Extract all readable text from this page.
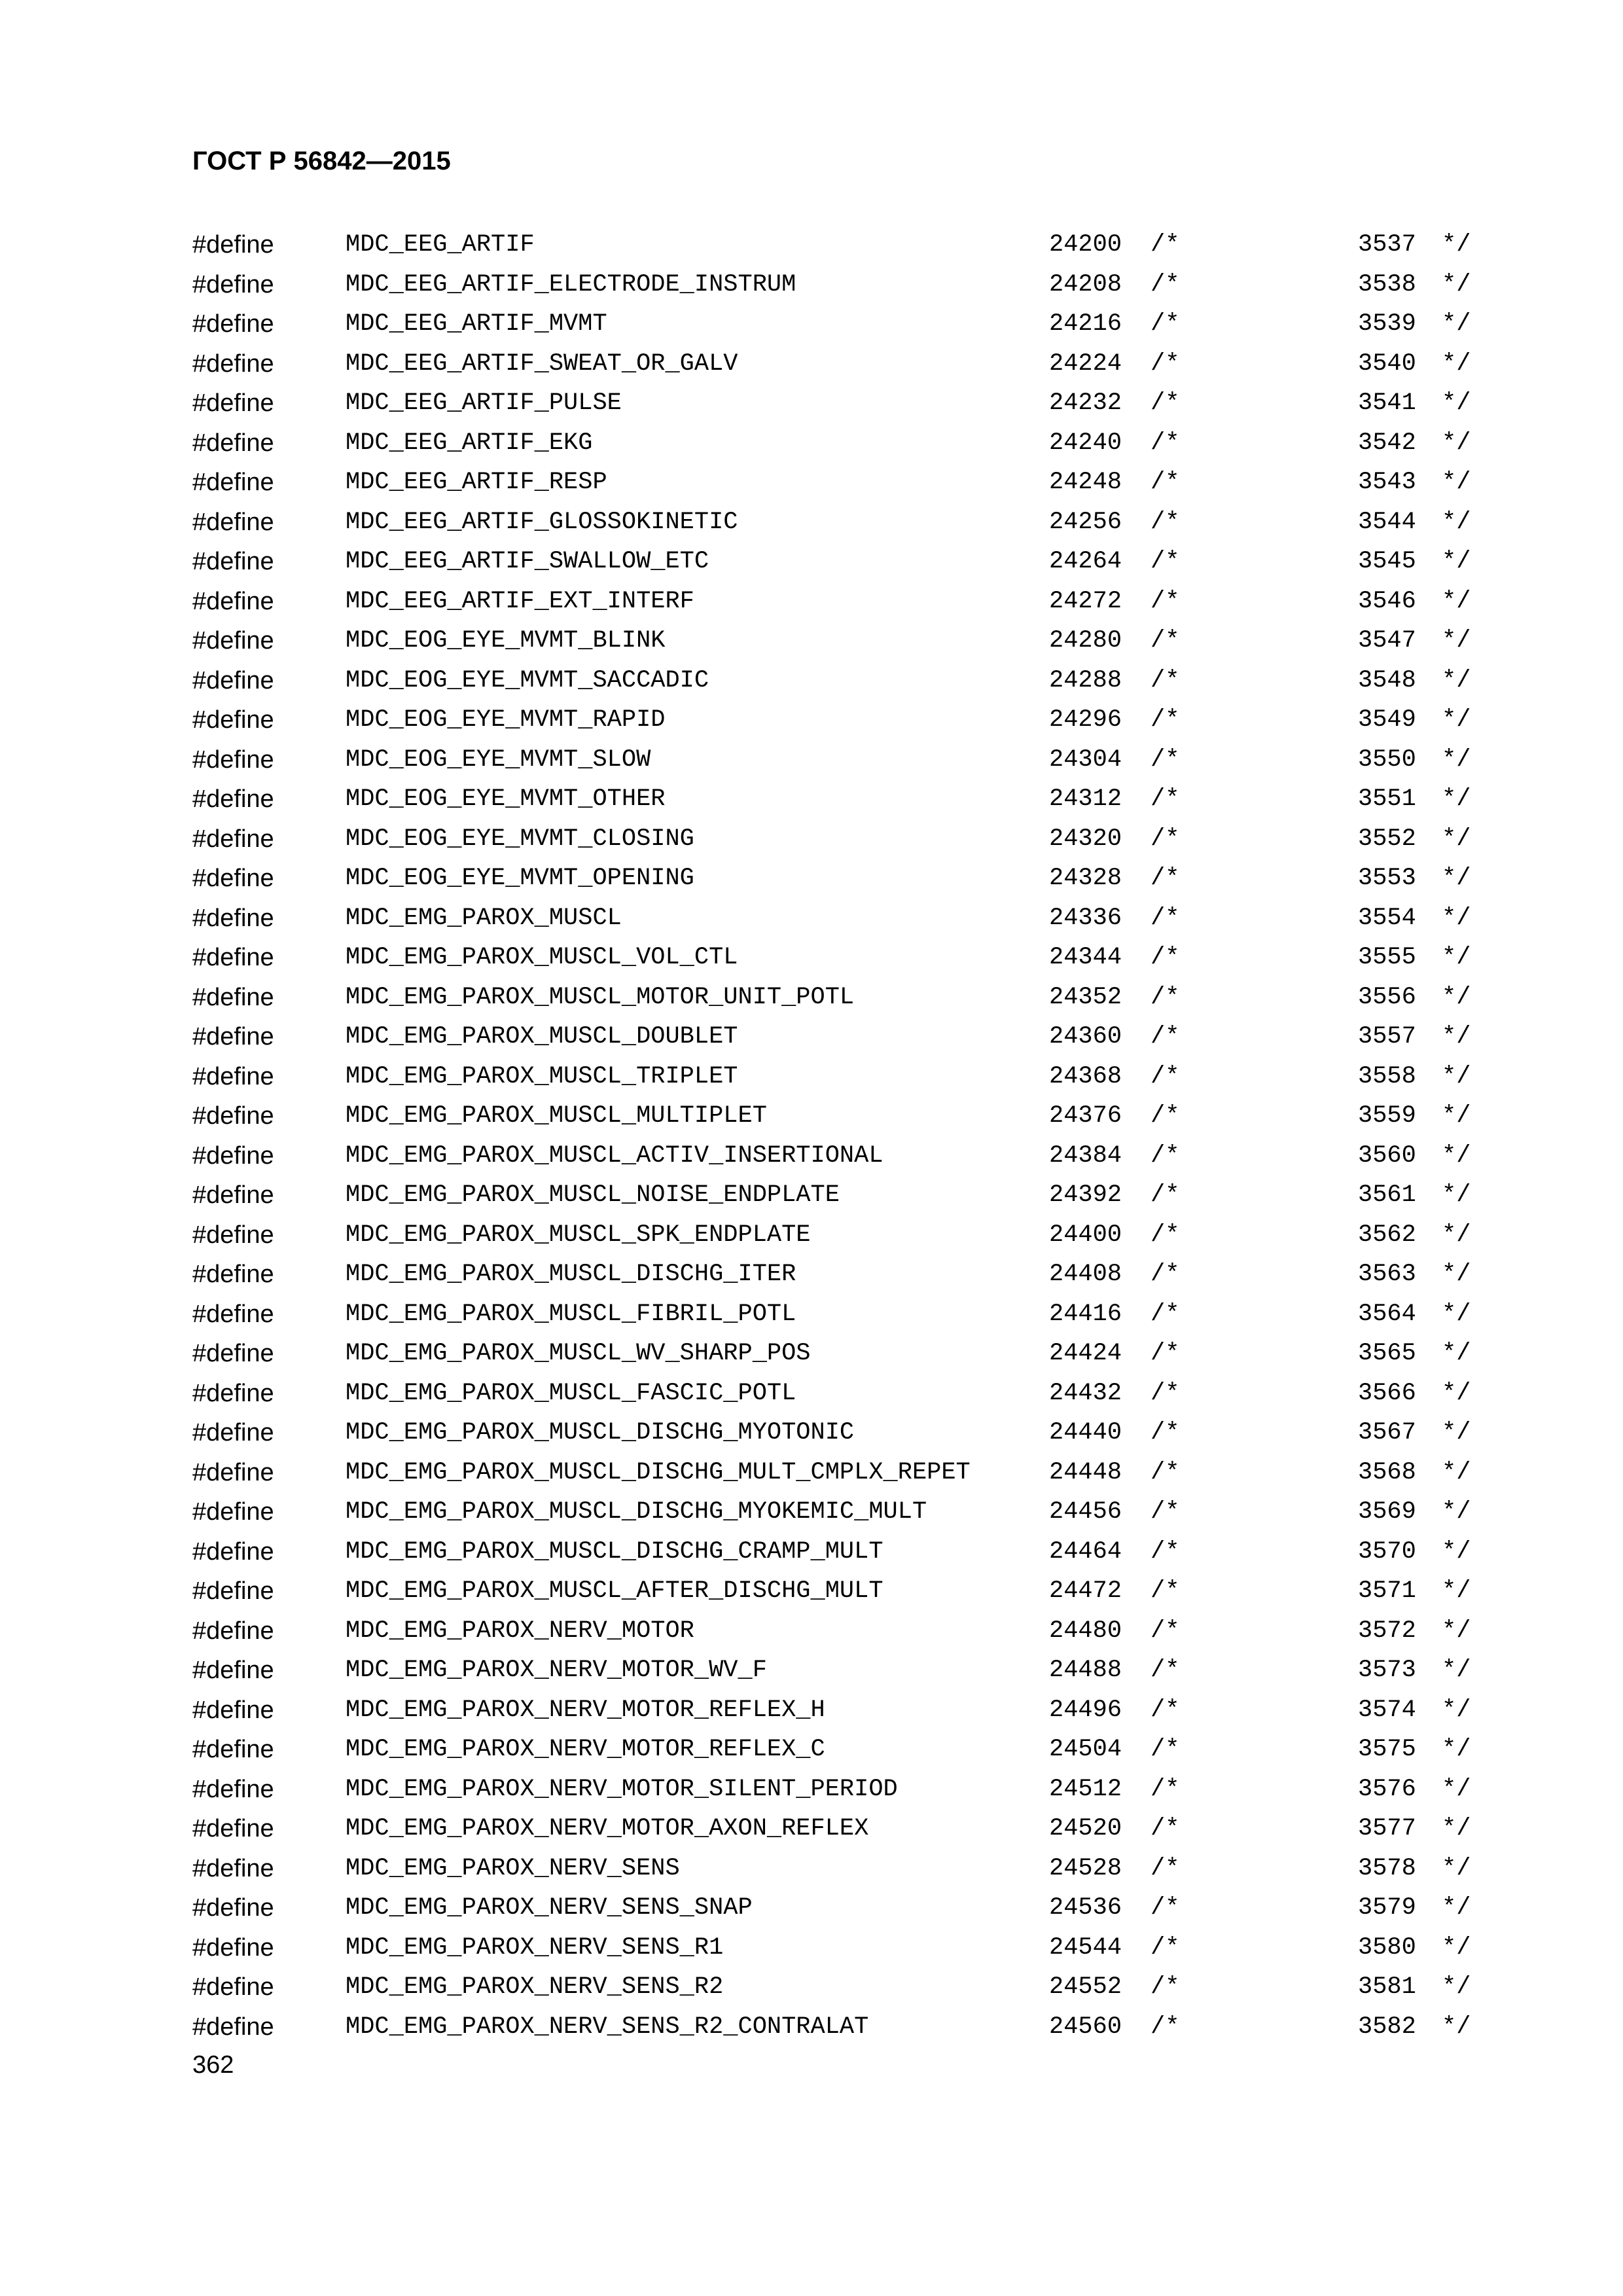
ГОСТ Р 56842—2015
#define	MDC_EEG_ARTIF	24200 /*	3537 */
#define	MDC_EEG_ARTIF_ELECTRODE_INSTRUM	24208 /*	3538 */
#define	MDC_EEG_ARTIF_MVMT	24216 /*	3539 */
#define	MDC_EEG_ARTIF_SWEAT_OR_GALV	24224 /*	3540 */
#define	MDC_EEG_ARTIF_PULSE	24232 /*	3541 */
#define	MDC_EEG_ARTIF_EKG	24240 /*	3542 */
#define	MDC_EEG_ARTIF_RESP	24248 /*	3543 */
#define	MDC_EEG_ARTIF_GLOSSOKINETIC	24256 /*	3544 */
#define	MDC_EEG_ARTIF_SWALLOW_ETC	24264 /*	3545 */
#define	MDC_EEG_ARTIF_EXT_INTERF	24272 /*	3546 */
#define	MDC_EOG_EYE_MVMT_BLINK	24280 /*	3547 */
#define	MDC_EOG_EYE_MVMT_SACCADIC	24288 /*	3548 */
#define	MDC_EOG_EYE_MVMT_RAPID	24296 /*	3549 */
#define	MDC_EOG_EYE_MVMT_SLOW	24304 /*	3550 */
#define	MDC_EOG_EYE_MVMT_OTHER	24312 /*	3551 */
#define	MDC_EOG_EYE_MVMT_CLOSING	24320 /*	3552 */
#define	MDC_EOG_EYE_MVMT_OPENING	24328 /*	3553 */
#define	MDC_EMG_PAROX_MUSCL	24336 /*	3554 */
#define	MDC_EMG_PAROX_MUSCL_VOL_CTL	24344 /*	3555 */
#define	MDC_EMG_PAROX_MUSCL_MOTOR_UNIT_POTL	24352 /*	3556 */
#define	MDC_EMG_PAROX_MUSCL_DOUBLET	24360 /*	3557 */
#define	MDC_EMG_PAROX_MUSCL_TRIPLET	24368 /*	3558 */
#define	MDC_EMG_PAROX_MUSCL_MULTIPLET	24376 /*	3559 */
#define	MDC_EMG_PAROX_MUSCL_ACTIV_INSERTIONAL	24384 /*	3560 */
#define	MDC_EMG_PAROX_MUSCL_NOISE_ENDPLATE	24392 /*	3561 */
#define	MDC_EMG_PAROX_MUSCL_SPK_ENDPLATE	24400 /*	3562 */
#define	MDC_EMG_PAROX_MUSCL_DISCHG_ITER	24408 /*	3563 */
#define	MDC_EMG_PAROX_MUSCL_FIBRIL_POTL	24416 /*	3564 */
#define	MDC_EMG_PAROX_MUSCL_WV_SHARP_POS	24424 /*	3565 */
#define	MDC_EMG_PAROX_MUSCL_FASCIC_POTL	24432 /*	3566 */
#define	MDC_EMG_PAROX_MUSCL_DISCHG_MYOTONIC	24440 /*	3567 */
#define	MDC_EMG_PAROX_MUSCL_DISCHG_MULT_CMPLX_REPET	24448 /*	3568 */
#define	MDC_EMG_PAROX_MUSCL_DISCHG_MYOKEMIC_MULT	24456 /*	3569 */
#define	MDC_EMG_PAROX_MUSCL_DISCHG_CRAMP_MULT	24464 /*	3570 */
#define	MDC_EMG_PAROX_MUSCL_AFTER_DISCHG_MULT	24472 /*	3571 */
#define	MDC_EMG_PAROX_NERV_MOTOR	24480 /*	3572 */
#define	MDC_EMG_PAROX_NERV_MOTOR_WV_F	24488 /*	3573 */
#define	MDC_EMG_PAROX_NERV_MOTOR_REFLEX_H	24496 /*	3574 */
#define	MDC_EMG_PAROX_NERV_MOTOR_REFLEX_C	24504 /*	3575 */
#define	MDC_EMG_PAROX_NERV_MOTOR_SILENT_PERIOD	24512 /*	3576 */
#define	MDC_EMG_PAROX_NERV_MOTOR_AXON_REFLEX	24520 /*	3577 */
#define	MDC_EMG_PAROX_NERV_SENS	24528 /*	3578 */
#define	MDC_EMG_PAROX_NERV_SENS_SNAP	24536 /*	3579 */
#define	MDC_EMG_PAROX_NERV_SENS_R1	24544 /*	3580 */
#define	MDC_EMG_PAROX_NERV_SENS_R2	24552 /*	3581 */
#define	MDC_EMG_PAROX_NERV_SENS_R2_CONTRALAT	24560 /*	3582 */
362
